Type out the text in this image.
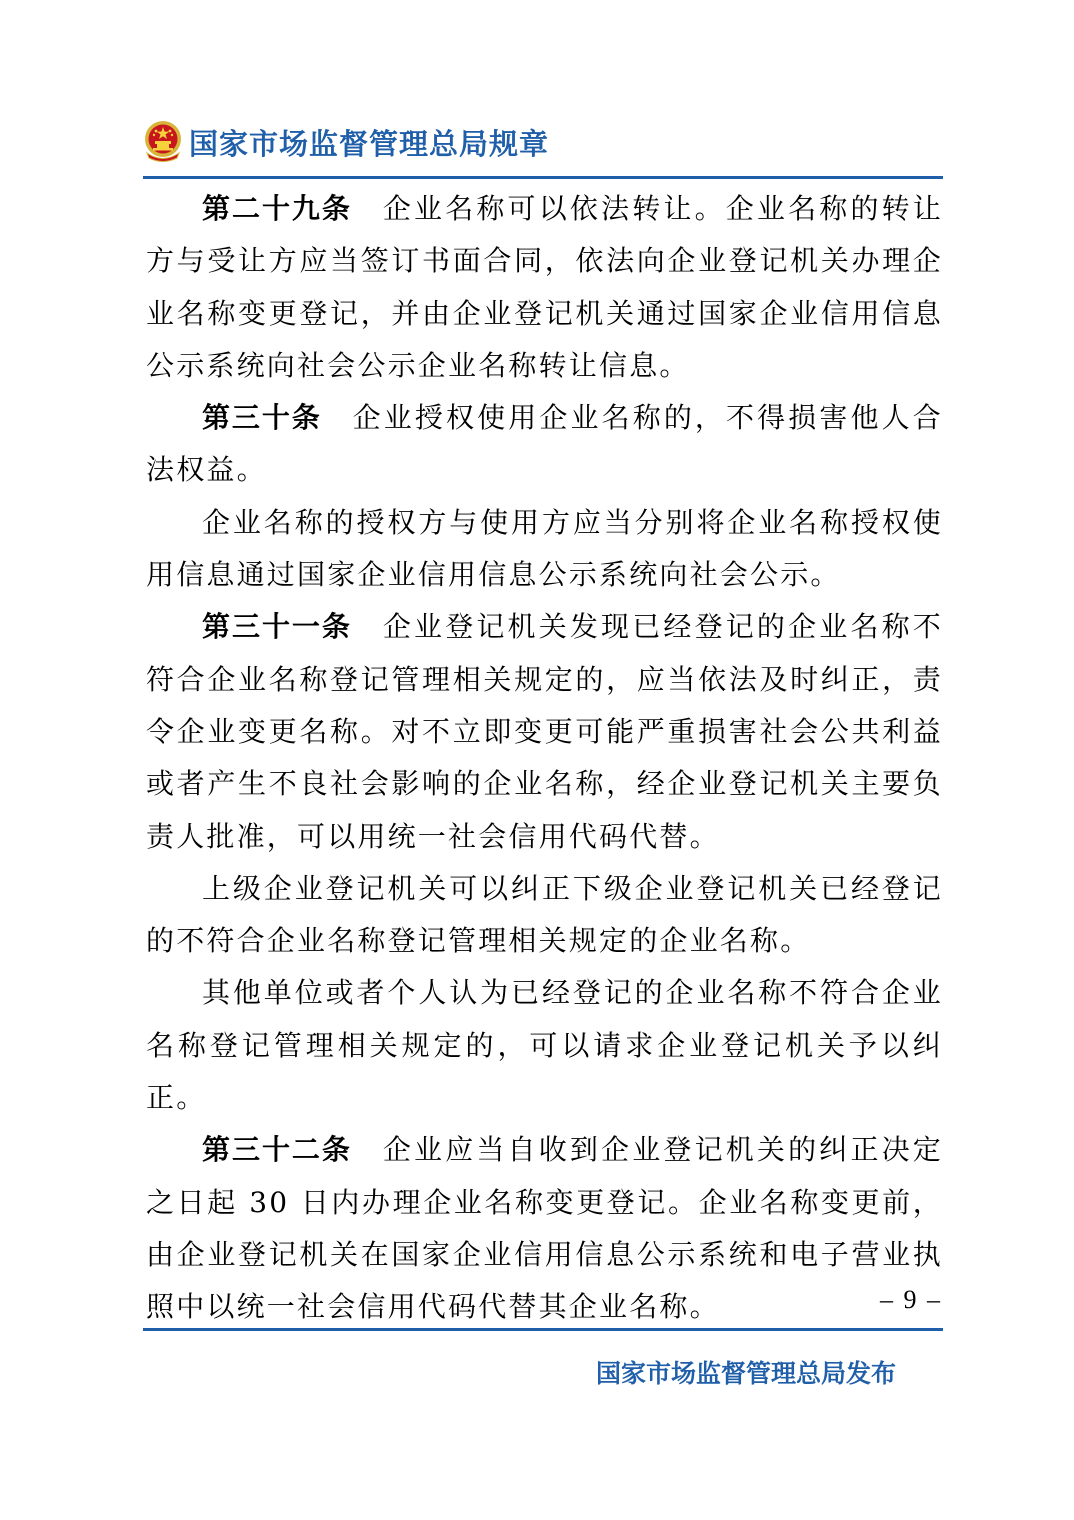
国家市场监督管理总局规章

第二十九条 企业名称可以依法转让。企业名称的转让方与受让方应当签订书面合同，依法向企业登记机关办理企业名称变更登记，并由企业登记机关通过国家企业信用信息公示系统向社会公示企业名称转让信息。

第三十条 企业授权使用企业名称的，不得损害他人合法权益。

企业名称的授权方与使用方应当分别将企业名称授权使用信息通过国家企业信用信息公示系统向社会公示。

第三十一条 企业登记机关发现已经登记的企业名称不符合企业名称登记管理相关规定的，应当依法及时纠正，责令企业变更名称。对不立即变更可能严重损害社会公共利益或者产生不良社会影响的企业名称，经企业登记机关主要负责人批准，可以用统一社会信用代码代替。

上级企业登记机关可以纠正下级企业登记机关已经登记的不符合企业名称登记管理相关规定的企业名称。

其他单位或者个人认为已经登记的企业名称不符合企业名称登记管理相关规定的，可以请求企业登记机关予以纠正。

第三十二条 企业应当自收到企业登记机关的纠正决定之日起 30 日内办理企业名称变更登记。企业名称变更前，由企业登记机关在国家企业信用信息公示系统和电子营业执照中以统一社会信用代码代替其企业名称。	– 9 –
国家市场监督管理总局发布
